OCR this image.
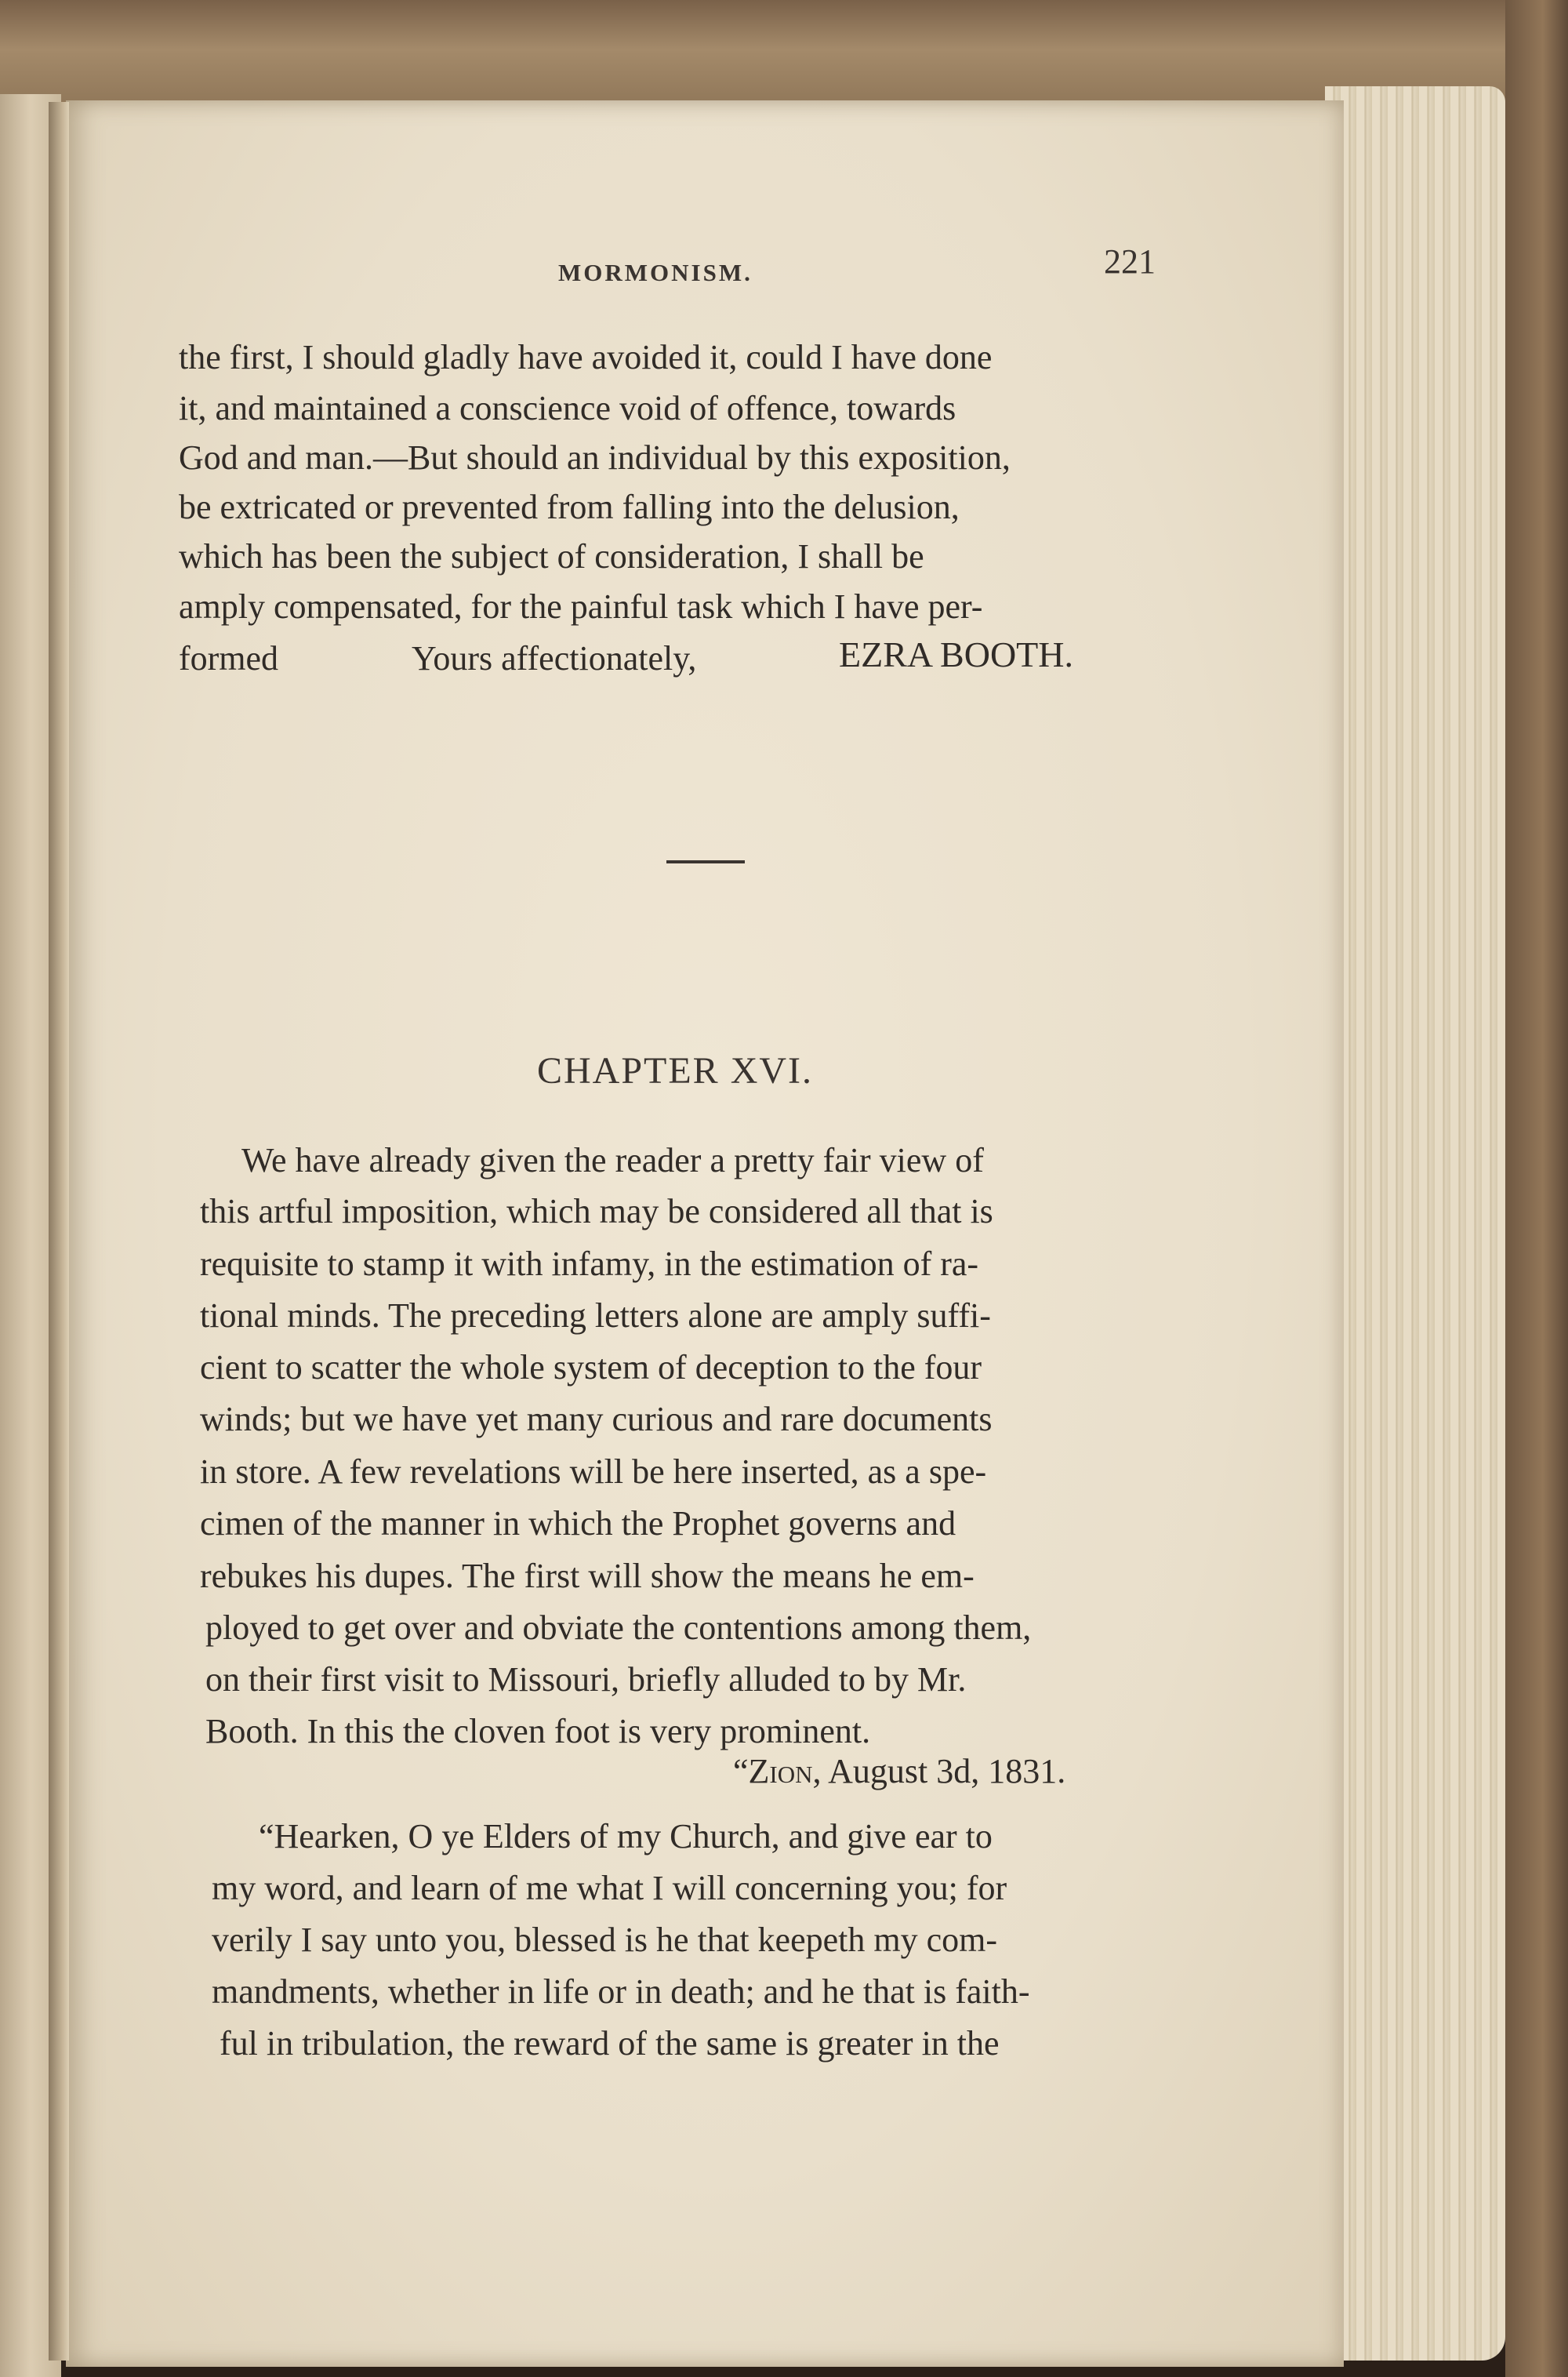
MORMONISM.	221
the first, I should gladly have avoided it, could I have done
it, and maintained a conscience void of offence, towards
God and man.—But should an individual by this exposition,
be extricated or prevented from falling into the delusion,
which has been the subject of consideration, I shall be
amply compensated, for the painful task which I have per-
formed	Yours affectionately,	EZRA BOOTH.
CHAPTER XVI.
We have already given the reader a pretty fair view of
this artful imposition, which may be considered all that is
requisite to stamp it with infamy, in the estimation of ra-
tional minds. The preceding letters alone are amply suffi-
cient to scatter the whole system of deception to the four
winds; but we have yet many curious and rare documents
in store. A few revelations will be here inserted, as a spe-
cimen of the manner in which the Prophet governs and
rebukes his dupes. The first will show the means he em-
ployed to get over and obviate the contentions among them,
on their first visit to Missouri, briefly alluded to by Mr.
Booth. In this the cloven foot is very prominent.
“Zion, August 3d, 1831.
“Hearken, O ye Elders of my Church, and give ear to
my word, and learn of me what I will concerning you; for
verily I say unto you, blessed is he that keepeth my com-
mandments, whether in life or in death; and he that is faith-
ful in tribulation, the reward of the same is greater in the
